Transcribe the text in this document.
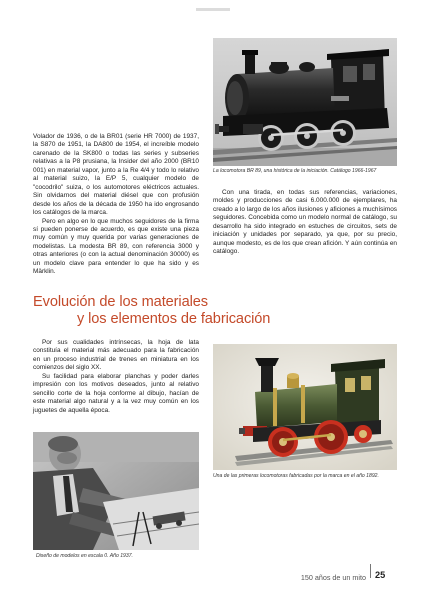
Volador de 1936, o de la BR01 (serie HR 7000) de 1937, la S870 de 1951, la DA800 de 1954, el increíble modelo carenado de la SK800 o todas las series y subseries relativas a la P8 prusiana, la Insider del año 2000 (BR10 001) en material vapor, junto a la Re 4/4 y todo lo relativo al material suizo, la E/P 5, cualquier modelo de "cocodrilo" suiza, o los automotores eléctricos actuales. Sin olvidarnos del material diésel que con profusión desde los años de la década de 1950 ha ido engrosando los catálogos de la marca.

Pero en algo en lo que muchos seguidores de la firma sí pueden ponerse de acuerdo, es que existe una pieza muy común y muy querida por varias generaciones de modelistas. La modesta BR 89, con referencia 3000 y otras anteriores (o con la actual denominación 30000) es un modelo clave para entender lo que ha sido y es Märklin.

La locomotora BR 89, una histórica de la iniciación. Catálogo 1966-1967

Con una tirada, en todas sus referencias, variaciones, moldes y producciones de casi 6.000.000 de ejemplares, ha creado a lo largo de los años ilusiones y aficiones a muchísimos seguidores. Concebida como un modelo normal de catálogo, su desarrollo ha sido integrado en estuches de circuitos, sets de iniciación y unidades por separado, ya que, por su precio, aunque modesto, es de los que crean afición. Y aún continúa en catálogo.

Evolución de los materiales
y los elementos de fabricación

Por sus cualidades intrínsecas, la hoja de lata constituía el material más adecuado para la fabricación en un proceso industrial de trenes en miniatura en los comienzos del siglo XX.

Su facilidad para elaborar planchas y poder darles impresión con los motivos deseados, junto al relativo sencillo corte de la hoja conforme al dibujo, hacían de este material algo natural y a la vez muy común en los juguetes de aquella época.

Diseño de modelos en escala 0. Año 1937.

Una de las primeras locomotoras fabricadas por la marca en el año 1892.

150 años de un mito 25
